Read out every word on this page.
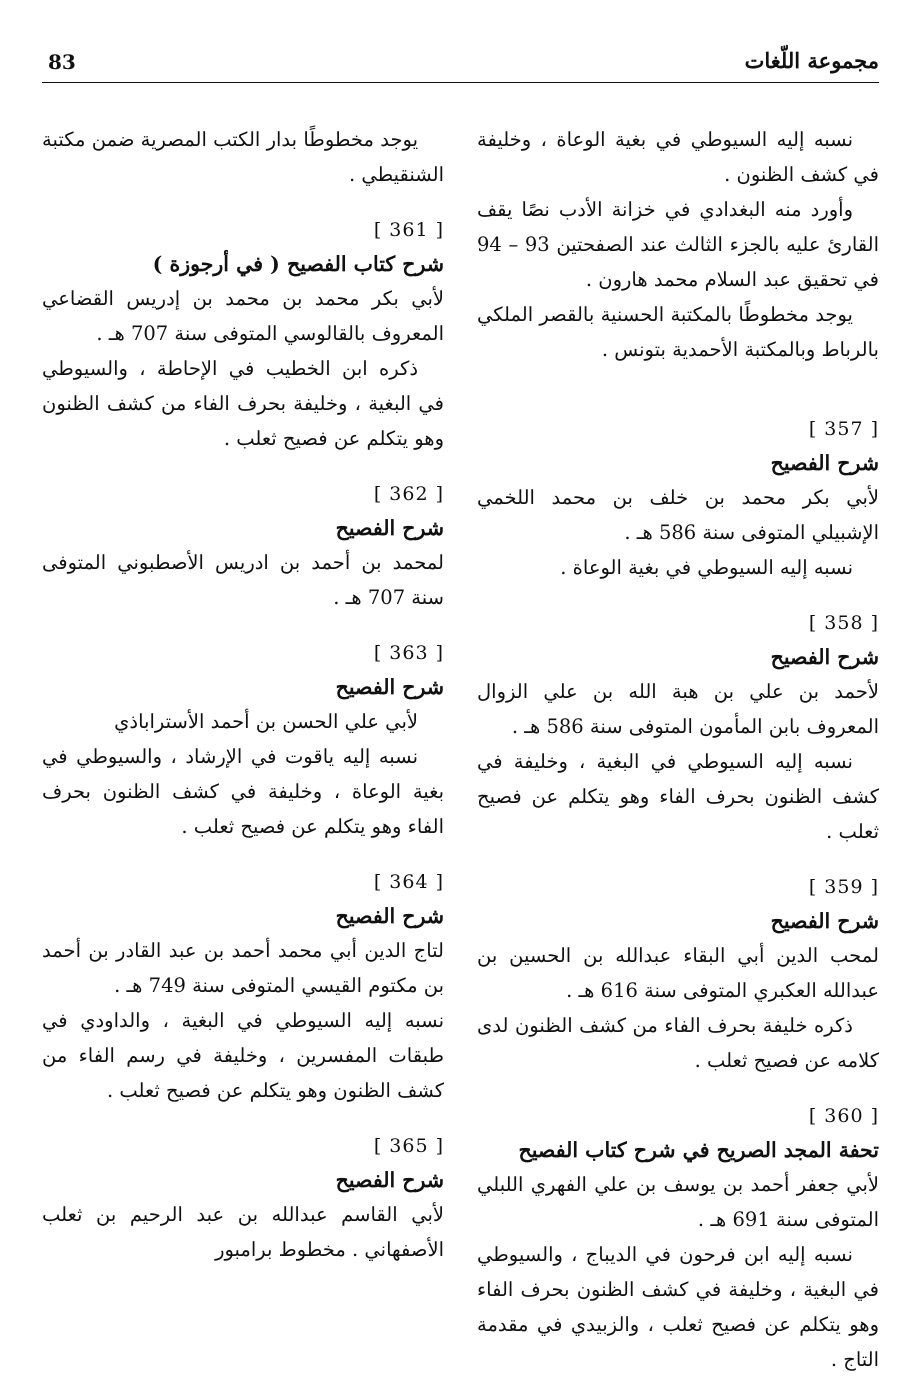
83	مجموعة اللّغات

نسبه إليه السيوطي في بغية الوعاة ، وخليفة في كشف الظنون .

وأورد منه البغدادي في خزانة الأدب نصًا يقف القارئ عليه بالجزء الثالث عند الصفحتين 93 – 94 في تحقيق عبد السلام محمد هارون .

يوجد مخطوطًا بالمكتبة الحسنية بالقصر الملكي بالرباط وبالمكتبة الأحمدية بتونس .

[ 357 ]

شرح الفصيح

لأبي بكر محمد بن خلف بن محمد اللخمي الإشبيلي المتوفى سنة 586 هـ .

نسبه إليه السيوطي في بغية الوعاة .

[ 358 ]

شرح الفصيح

لأحمد بن علي بن هبة الله بن علي الزوال المعروف بابن المأمون المتوفى سنة 586 هـ .

نسبه إليه السيوطي في البغية ، وخليفة في كشف الظنون بحرف الفاء وهو يتكلم عن فصيح ثعلب .

[ 359 ]

شرح الفصيح

لمحب الدين أبي البقاء عبدالله بن الحسين بن عبدالله العكبري المتوفى سنة 616 هـ .

ذكره خليفة بحرف الفاء من كشف الظنون لدى كلامه عن فصيح ثعلب .

[ 360 ]

تحفة المجد الصريح في شرح كتاب الفصيح

لأبي جعفر أحمد بن يوسف بن علي الفهري اللبلي المتوفى سنة 691 هـ .

نسبه إليه ابن فرحون في الديباج ، والسيوطي في البغية ، وخليفة في كشف الظنون بحرف الفاء وهو يتكلم عن فصيح ثعلب ، والزبيدي في مقدمة التاج .

يوجد مخطوطًا بدار الكتب المصرية ضمن مكتبة الشنقيطي .

[ 361 ]

شرح كتاب الفصيح ( في أرجوزة )

لأبي بكر محمد بن محمد بن إدريس القضاعي المعروف بالقالوسي المتوفى سنة 707 هـ .

ذكره ابن الخطيب في الإحاطة ، والسيوطي في البغية ، وخليفة بحرف الفاء من كشف الظنون وهو يتكلم عن فصيح ثعلب .

[ 362 ]

شرح الفصيح

لمحمد بن أحمد بن ادريس الأصطبوني المتوفى سنة 707 هـ .

[ 363 ]

شرح الفصيح

لأبي علي الحسن بن أحمد الأستراباذي

نسبه إليه ياقوت في الإرشاد ، والسيوطي في بغية الوعاة ، وخليفة في كشف الظنون بحرف الفاء وهو يتكلم عن فصيح ثعلب .

[ 364 ]

شرح الفصيح

لتاج الدين أبي محمد أحمد بن عبد القادر بن أحمد بن مكتوم القيسي المتوفى سنة 749 هـ .

نسبه إليه السيوطي في البغية ، والداودي في طبقات المفسرين ، وخليفة في رسم الفاء من كشف الظنون وهو يتكلم عن فصيح ثعلب .

[ 365 ]

شرح الفصيح

لأبي القاسم عبدالله بن عبد الرحيم بن ثعلب الأصفهاني . مخطوط برامبور
